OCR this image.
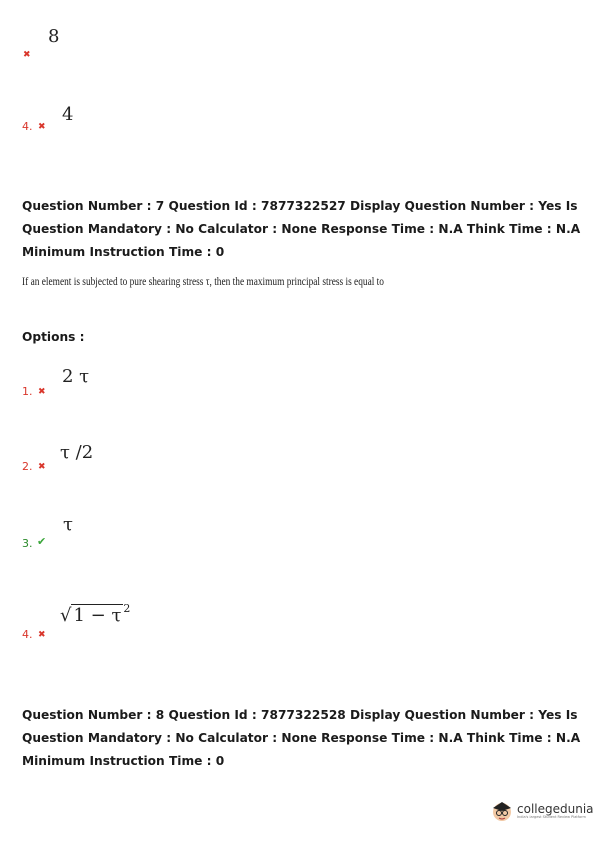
8
✖
4. ✖
4
Question Number : 7 Question Id : 7877322527 Display Question Number : Yes Is Question Mandatory : No Calculator : None Response Time : N.A Think Time : N.A Minimum Instruction Time : 0
If an element is subjected to pure shearing stress τ, then the maximum principal stress is equal to
Options :
2 τ
1. ✖
τ /2
2. ✖
τ
3. ✔
√ 1 − τ $^2$
4. ✖
Question Number : 8 Question Id : 7877322528 Display Question Number : Yes Is Question Mandatory : No Calculator : None Response Time : N.A Think Time : N.A Minimum Instruction Time : 0
collegedunia
India's largest Student Review Platform
